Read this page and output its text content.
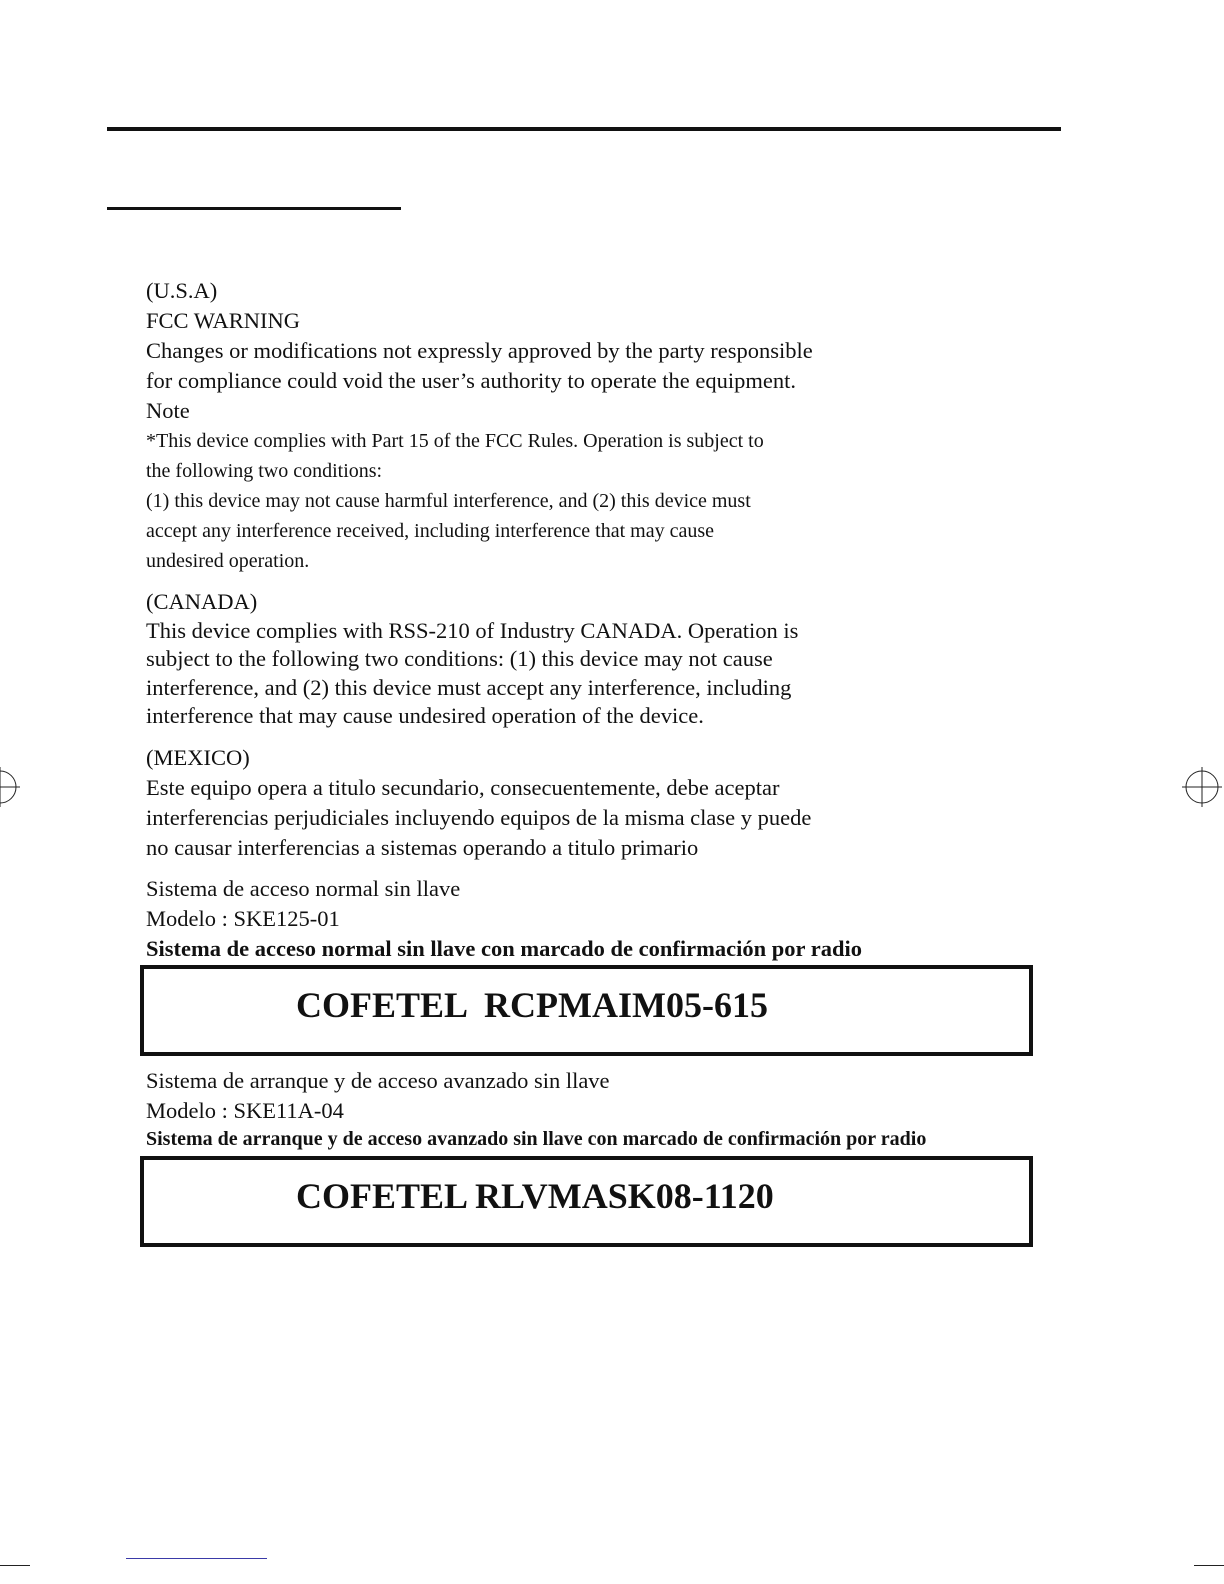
(U.S.A)
FCC WARNING
Changes or modifications not expressly approved by the party responsible
for compliance could void the user’s authority to operate the equipment.
Note
*This device complies with Part 15 of the FCC Rules. Operation is subject to
the following two conditions:
(1) this device may not cause harmful interference, and (2) this device must
accept any interference received, including interference that may cause
undesired operation.
(CANADA)
This device complies with RSS-210 of Industry CANADA. Operation is
subject to the following two conditions: (1) this device may not cause
interference, and (2) this device must accept any interference, including
interference that may cause undesired operation of the device.
(MEXICO)
Este equipo opera a titulo secundario, consecuentemente, debe aceptar
interferencias perjudiciales incluyendo equipos de la misma clase y puede
no causar interferencias a sistemas operando a titulo primario
Sistema de acceso normal sin llave
Modelo : SKE125-01
Sistema de acceso normal sin llave con marcado de confirmación por radio
COFETEL  RCPMAIM05-615
Sistema de arranque y de acceso avanzado sin llave
Modelo : SKE11A-04
Sistema de arranque y de acceso avanzado sin llave con marcado de confirmación por radio
COFETEL RLVMASK08-1120
